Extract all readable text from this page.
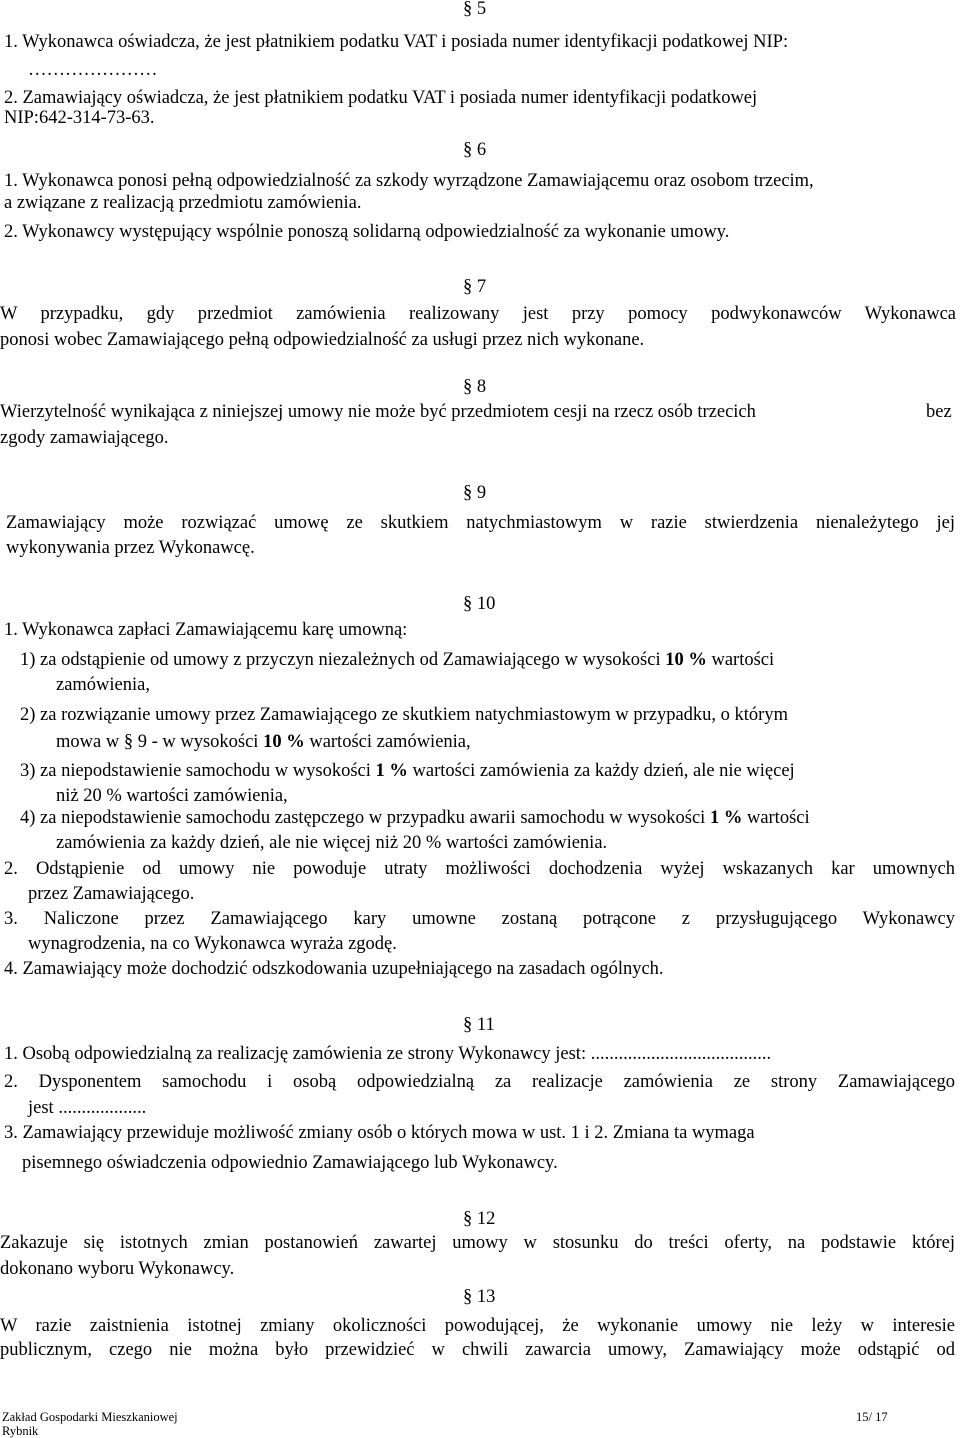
§ 5
1. Wykonawca oświadcza, że jest płatnikiem podatku VAT i posiada numer identyfikacji podatkowej NIP:
…………………
2. Zamawiający oświadcza, że jest płatnikiem podatku VAT i posiada numer identyfikacji podatkowej
NIP:642-314-73-63.
§ 6
1. Wykonawca ponosi pełną odpowiedzialność za szkody wyrządzone Zamawiającemu oraz osobom trzecim,
a związane z realizacją przedmiotu zamówienia.
2. Wykonawcy występujący wspólnie ponoszą solidarną odpowiedzialność za wykonanie umowy.
§ 7
W przypadku, gdy przedmiot zamówienia realizowany jest przy pomocy podwykonawców Wykonawca
ponosi wobec Zamawiającego pełną odpowiedzialność za usługi przez nich wykonane.
§ 8
Wierzytelność wynikająca z niniejszej umowy nie może być przedmiotem cesji na rzecz osób trzecich	bez
zgody zamawiającego.
§ 9
Zamawiający może rozwiązać umowę ze skutkiem natychmiastowym w razie stwierdzenia nienależytego jej
wykonywania przez Wykonawcę.
§ 10
1. Wykonawca zapłaci Zamawiającemu karę umowną:
1) za odstąpienie od umowy z przyczyn niezależnych od Zamawiającego w wysokości 10 % wartości
zamówienia,
2) za rozwiązanie umowy przez Zamawiającego ze skutkiem natychmiastowym w przypadku, o którym
mowa w § 9 - w wysokości 10 % wartości zamówienia,
3) za niepodstawienie samochodu w wysokości 1 % wartości zamówienia za każdy dzień, ale nie więcej
niż 20 % wartości zamówienia,
4) za niepodstawienie samochodu zastępczego w przypadku awarii samochodu w wysokości 1 % wartości
zamówienia za każdy dzień, ale nie więcej niż 20 % wartości zamówienia.
2. Odstąpienie od umowy nie powoduje utraty możliwości dochodzenia wyżej wskazanych kar umownych
przez Zamawiającego.
3. Naliczone przez Zamawiającego kary umowne zostaną potrącone z przysługującego Wykonawcy
wynagrodzenia, na co Wykonawca wyraża zgodę.
4. Zamawiający może dochodzić odszkodowania uzupełniającego na zasadach ogólnych.
§ 11
1. Osobą odpowiedzialną za realizację zamówienia ze strony Wykonawcy jest: .......................................
2. Dysponentem samochodu i osobą odpowiedzialną za realizacje zamówienia ze strony Zamawiającego
jest ...................
3. Zamawiający przewiduje możliwość zmiany osób o których mowa w ust. 1 i 2. Zmiana ta wymaga
pisemnego oświadczenia odpowiednio Zamawiającego lub Wykonawcy.
§ 12
Zakazuje się istotnych zmian postanowień zawartej umowy w stosunku do treści oferty, na podstawie której
dokonano wyboru Wykonawcy.
§ 13
W razie zaistnienia istotnej zmiany okoliczności powodującej, że wykonanie umowy nie leży w interesie
publicznym, czego nie można było przewidzieć w chwili zawarcia umowy, Zamawiający może odstąpić od
Zakład Gospodarki Mieszkaniowej
Rybnik
15/ 17
